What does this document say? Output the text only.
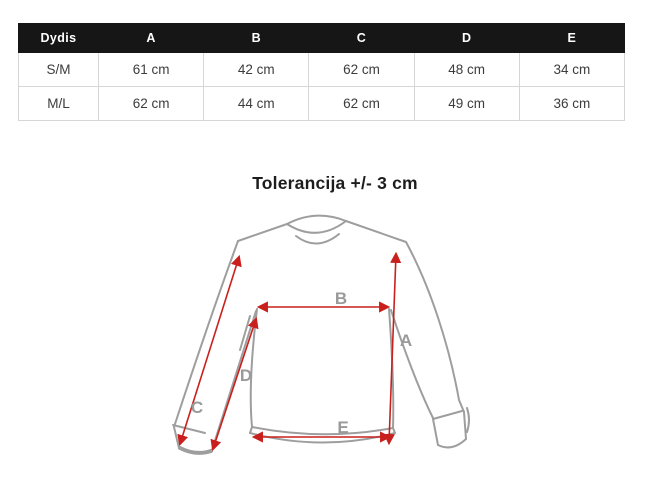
Dydis	A	B	C	D	E
S/M	61 cm	42 cm	62 cm	48 cm	34 cm
M/L	62 cm	44 cm	62 cm	49 cm	36 cm
Tolerancija +/- 3 cm
A
B
C
D
E
